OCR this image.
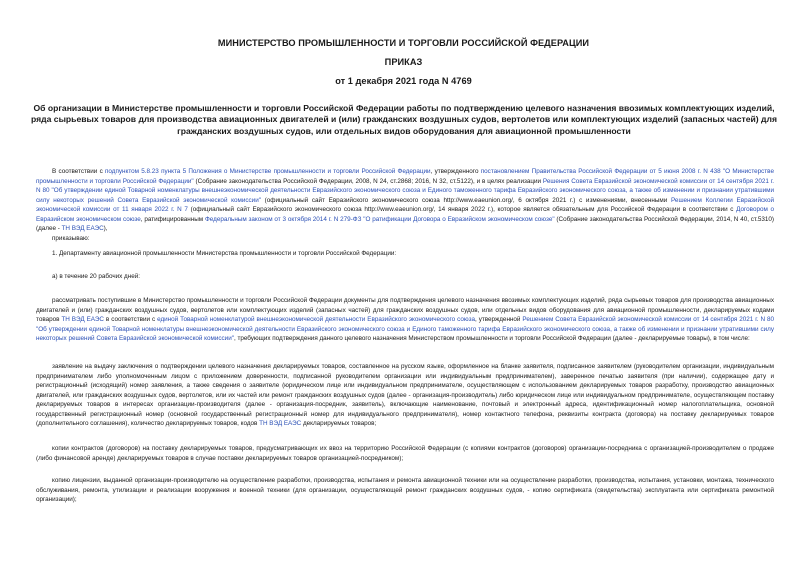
МИНИСТЕРСТВО ПРОМЫШЛЕННОСТИ И ТОРГОВЛИ РОССИЙСКОЙ ФЕДЕРАЦИИ
ПРИКАЗ
от 1 декабря 2021 года N 4769
Об организации в Министерстве промышленности и торговли Российской Федерации работы по подтверждению целевого назначения ввозимых комплектующих изделий, ряда сырьевых товаров для производства авиационных двигателей и (или) гражданских воздушных судов, вертолетов или комплектующих изделий (запасных частей) для гражданских воздушных судов, или отдельных видов оборудования для авиационной промышленности
В соответствии с подпунктом 5.8.23 пункта 5 Положения о Министерстве промышленности и торговли Российской Федерации, утвержденного постановлением Правительства Российской Федерации от 5 июня 2008 г. N 438 "О Министерстве промышленности и торговли Российской Федерации" (Собрание законодательства Российской Федерации, 2008, N 24, ст.2868; 2016, N 32, ст.5122), и в целях реализации Решения Совета Евразийской экономической комиссии от 14 сентября 2021 г. N 80 "Об утверждении единой Товарной номенклатуры внешнеэкономической деятельности Евразийского экономического союза и Единого таможенного тарифа Евразийского экономического союза, а также об изменении и признании утратившими силу некоторых решений Совета Евразийской экономической комиссии" (официальный сайт Евразийского экономического союза http://www.eaeunion.org/, 6 октября 2021 г.) с изменениями, внесенными Решением Коллегии Евразийской экономической комиссии от 11 января 2022 г. N 7 (официальный сайт Евразийского экономического союза http://www.eaeunion.org/, 14 января 2022 г.), которое является обязательным для Российской Федерации в соответствии с Договором о Евразийском экономическом союзе, ратифицированным Федеральным законом от 3 октября 2014 г. N 279-ФЗ "О ратификации Договора о Евразийском экономическом союзе" (Собрание законодательства Российской Федерации, 2014, N 40, ст.5310) (далее - ТН ВЭД ЕАЭС),
приказываю:
1. Департаменту авиационной промышленности Министерства промышленности и торговли Российской Федерации:
а) в течение 20 рабочих дней:
рассматривать поступившие в Министерство промышленности и торговли Российской Федерации документы для подтверждения целевого назначения ввозимых комплектующих изделий, ряда сырьевых товаров для производства авиационных двигателей и (или) гражданских воздушных судов, вертолетов или комплектующих изделий (запасных частей) для гражданских воздушных судов, или отдельных видов оборудования для авиационной промышленности, декларируемых кодами товаров ТН ВЭД ЕАЭС в соответствии с единой Товарной номенклатурой внешнеэкономической деятельности Евразийского экономического союза, утвержденной Решением Совета Евразийской экономической комиссии от 14 сентября 2021 г. N 80 "Об утверждении единой Товарной номенклатуры внешнеэкономической деятельности Евразийского экономического союза и Единого таможенного тарифа Евразийского экономического союза, а также об изменении и признании утратившими силу некоторых решений Совета Евразийской экономической комиссии", требующих подтверждения данного целевого назначения Министерством промышленности и торговли Российской Федерации (далее - декларируемые товары), в том числе:
заявление на выдачу заключения о подтверждении целевого назначения декларируемых товаров, составленное на русском языке, оформленное на бланке заявителя, подписанное заявителем (руководителем организации, индивидуальным предпринимателем либо уполномоченным лицом с приложением доверенности, подписанной руководителем организации или индивидуальным предпринимателем), заверенное печатью заявителя (при наличии), содержащее дату и регистрационный (исходящий) номер заявления, а также сведения о заявителе (юридическом лице или индивидуальном предпринимателе, осуществляющем с использованием декларируемых товаров разработку, производство авиационных двигателей, или гражданских воздушных судов, вертолетов, или их частей или ремонт гражданских воздушных судов (далее - организация-производитель) либо юридическом лице или индивидуальном предпринимателе, осуществляющем поставку декларируемых товаров в интересах организации-производителя (далее - организация-посредник, заявитель), включающие наименование, почтовый и электронный адреса, идентификационный номер налогоплательщика, основной государственный регистрационный номер (основной государственный регистрационный номер для индивидуального предпринимателя), номер контактного телефона, реквизиты контракта (договора) на поставку декларируемых товаров (дополнительного соглашения), количество декларируемых товаров, кодов ТН ВЭД ЕАЭС декларируемых товаров;
копии контрактов (договоров) на поставку декларируемых товаров, предусматривающих их ввоз на территорию Российской Федерации (с копиями контрактов (договоров) организации-посредника с организацией-производителем о продаже (либо финансовой аренде) декларируемых товаров в случае поставки декларируемых товаров организацией-посредником);
копию лицензии, выданной организации-производителю на осуществление разработки, производства, испытания и ремонта авиационной техники или на осуществление разработки, производства, испытания, установки, монтажа, технического обслуживания, ремонта, утилизации и реализации вооружения и военной техники (для организации, осуществляющей ремонт гражданских воздушных судов, - копию сертификата (свидетельства) эксплуатанта или сертификата ремонтной организации);
